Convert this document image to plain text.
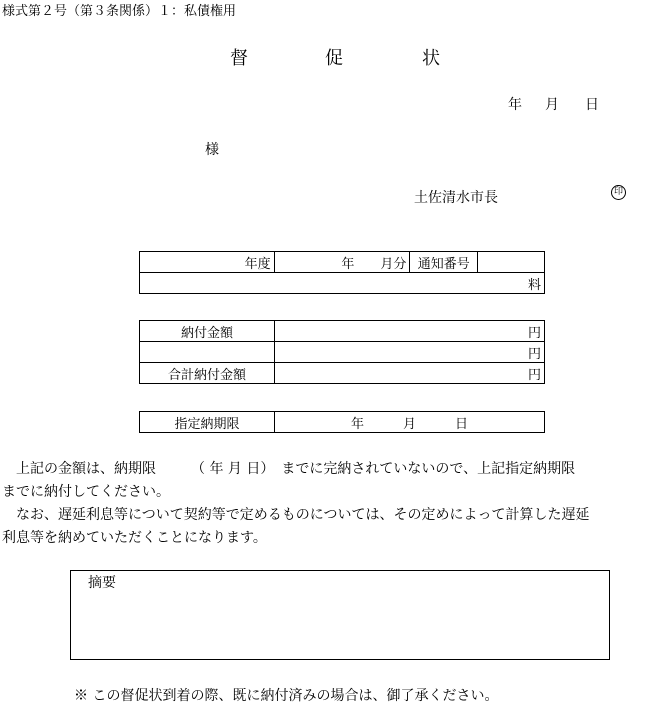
様式第２号（第３条関係）１：私債権用
督	促	状
年 月 日
様
土佐清水市長	印
年度	年　　月分	通知番号	
料
納付金額	円
	円
合計納付金額	円
指定納期限	年　　　月　　　日
　上記の金額は、納期限　　　（ 年 月 日）　までに完納されていないので、上記指定納期限
までに納付してください。
　なお、遅延利息等について契約等で定めるものについては、その定めによって計算した遅延
利息等を納めていただくことになります。
摘要
※ この督促状到着の際、既に納付済みの場合は、御了承ください。
